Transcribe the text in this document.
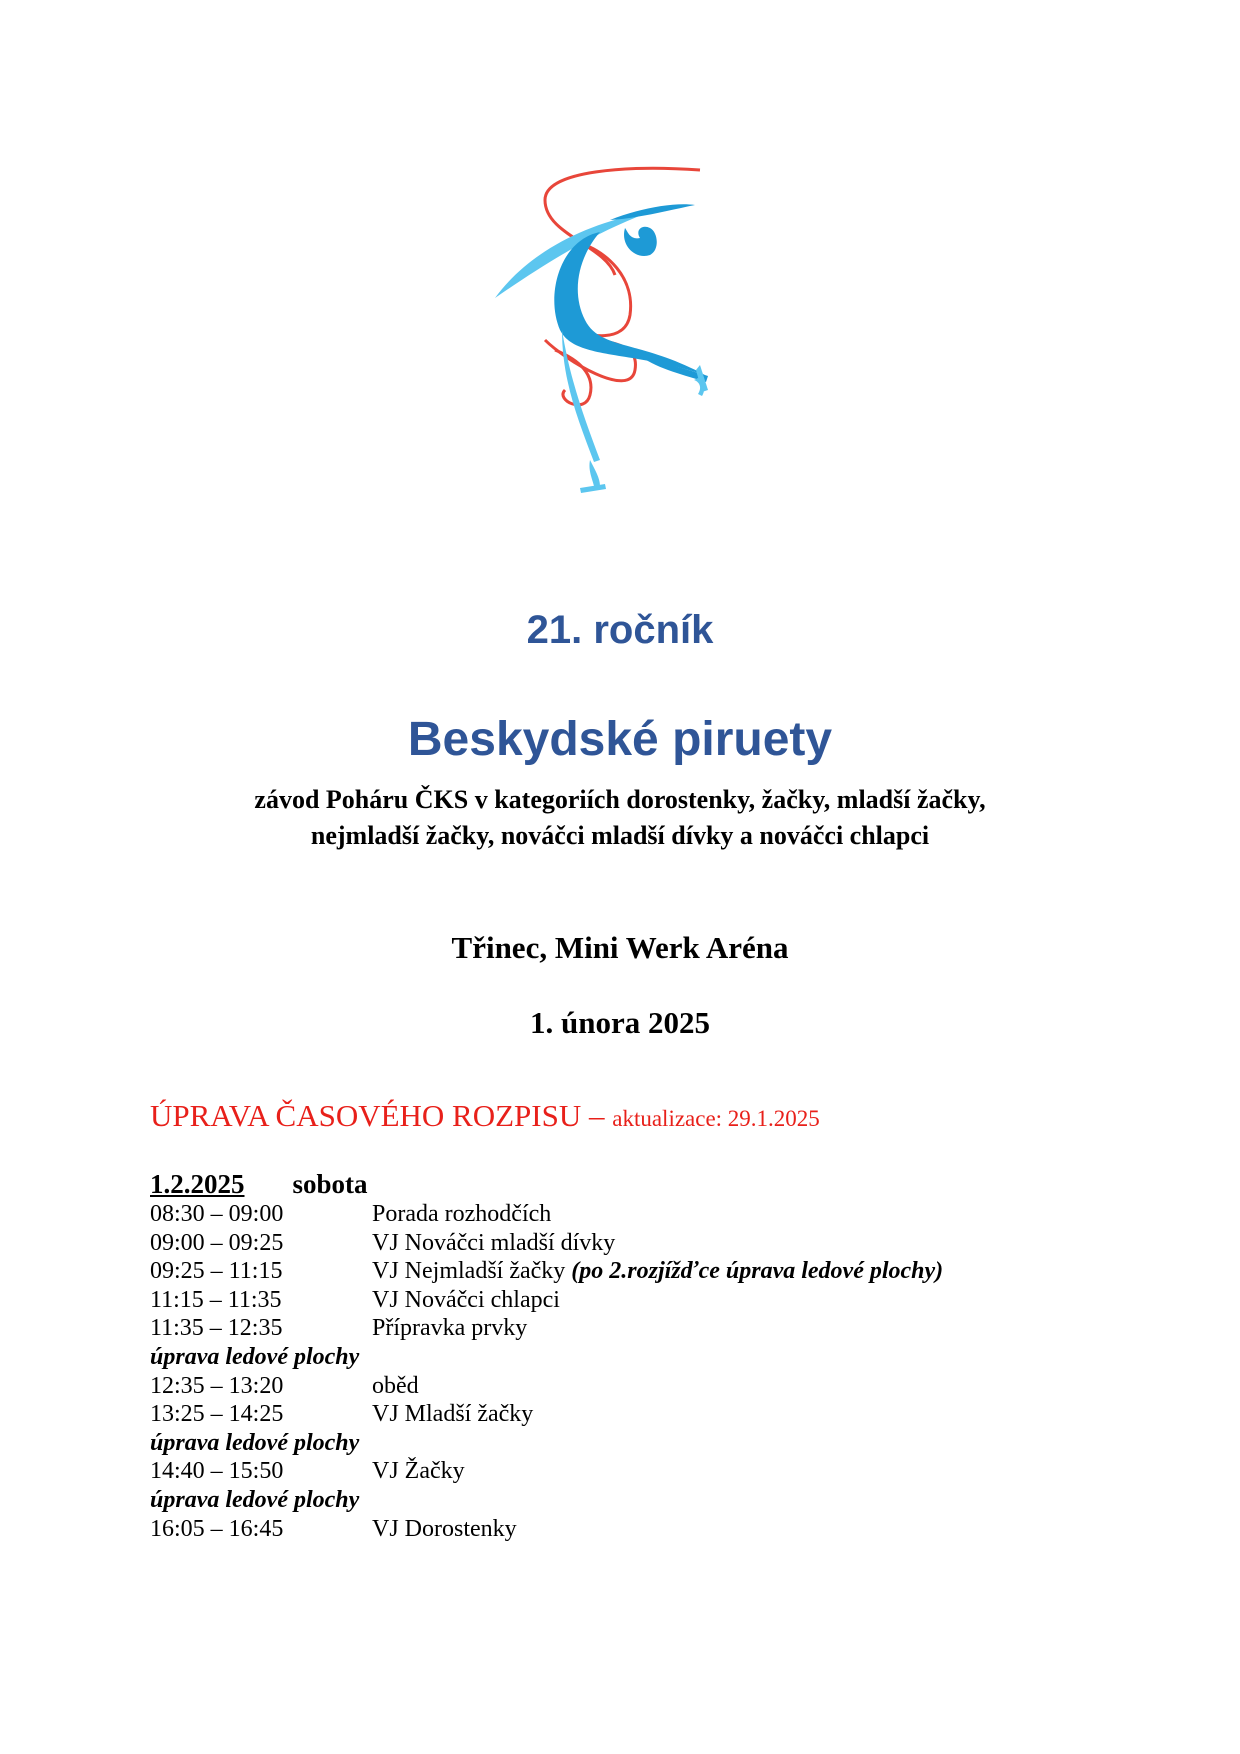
21. ročník
Beskydské piruety
závod Poháru ČKS v kategoriích dorostenky, žačky, mladší žačky,
nejmladší žačky, nováčci mladší dívky a nováčci chlapci
Třinec, Mini Werk Aréna
1. února 2025
ÚPRAVA ČASOVÉHO ROZPISU – aktualizace: 29.1.2025
1.2.2025 sobota
08:30 – 09:00	Porada rozhodčích
09:00 – 09:25	VJ Nováčci mladší dívky
09:25 – 11:15	VJ Nejmladší žačky (po 2.rozjížďce úprava ledové plochy)
11:15 – 11:35	VJ Nováčci chlapci
11:35 – 12:35	Přípravka prvky
úprava ledové plochy
12:35 – 13:20	oběd
13:25 – 14:25	VJ Mladší žačky
úprava ledové plochy
14:40 – 15:50	VJ Žačky
úprava ledové plochy
16:05 – 16:45	VJ Dorostenky
